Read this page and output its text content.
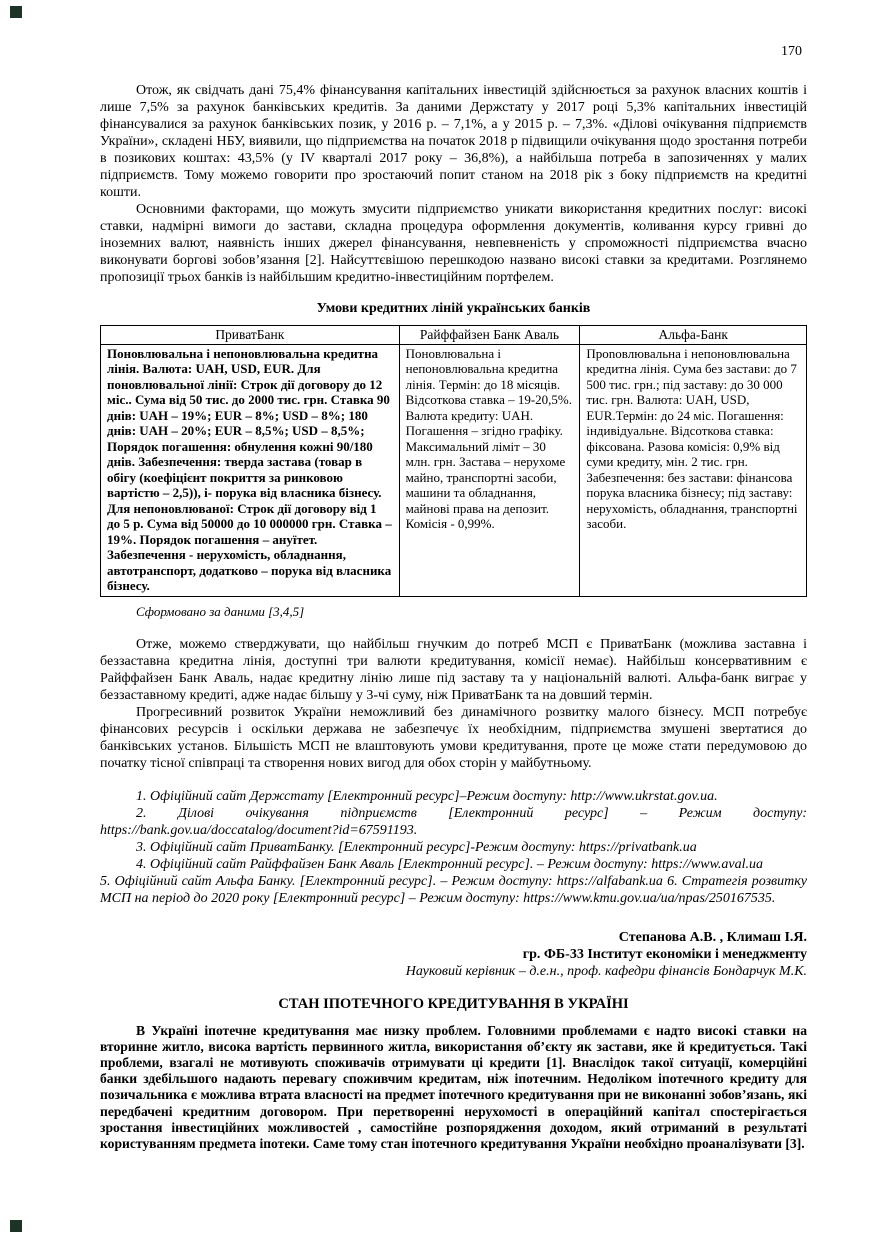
170

Отож, як свідчать дані 75,4% фінансування капітальних інвестицій здійснюється за рахунок власних коштів і лише 7,5% за рахунок банківських кредитів. За даними Держстату у 2017 році 5,3% капітальних інвестицій фінансувалися за рахунок банківських позик, у 2016 р. – 7,1%, а у 2015 р. – 7,3%. «Ділові очікування підприємств України», складені НБУ, виявили, що підприємства на початок 2018 р підвищили очікування щодо зростання потреби в позикових коштах: 43,5% (у IV кварталі 2017 року – 36,8%), а найбільша потреба в запозиченнях у малих підприємств. Тому можемо говорити про зростаючий попит станом на 2018 рік з боку підприємств на кредитні кошти.

Основними факторами, що можуть змусити підприємство уникати використання кредитних послуг: високі ставки, надмірні вимоги до застави, складна процедура оформлення документів, коливання курсу гривні до іноземних валют, наявність інших джерел фінансування, невпевненість у спроможності підприємства вчасно виконувати боргові зобов’язання [2]. Найсуттєвішою перешкодою названо високі ставки за кредитами. Розглянемо пропозиції трьох банків із найбільшим кредитно-інвестиційним портфелем.

Умови кредитних ліній українських банків

ПриватБанк	Райффайзен Банк Аваль	Альфа-Банк
Поновлювальна і непоновлювальна кредитна лінія. Валюта: UAH, USD, EUR. Для поновлювальної лінії: Строк дії договору до 12 міс.. Сума від 50 тис. до 2000 тис. грн. Ставка 90 днів: UAH – 19%; EUR – 8%; USD – 8%; 180 днів: UAH – 20%; EUR – 8,5%; USD – 8,5%; Порядок погашення: обнулення кожні 90/180 днів. Забезпечення: тверда застава (товар в обігу (коефіцієнт покриття за ринковою вартістю – 2,5)), і- порука від власника бізнесу. Для непоновлюваної: Строк дії договору від 1 до 5 р. Сума від 50000 до 10 000000 грн. Ставка – 19%. Порядок погашення – ануїтет. Забезпечення - нерухомість, обладнання, автотранспорт, додатково – порука від власника бізнесу.	Поновлювальна і непоновлювальна кредитна лінія. Термін: до 18 місяців. Відсоткова ставка – 19-20,5%. Валюта кредиту: UAH. Погашення – згідно графіку. Максимальний ліміт – 30 млн. грн. Застава – нерухоме майно, транспортні засоби, машини та обладнання, майнові права на депозит. Комісія - 0,99%.	Пponовлювальна і непоновлювальна кредитна лінія. Сума без застави: до 7 500 тис. грн.; під заставу: до 30 000 тис. грн. Валюта: UAH, USD, EUR.Термін: до 24 міс. Погашення: індивідуальне. Відсоткова ставка: фіксована. Разова комісія: 0,9% від суми кредиту, мін. 2 тис. грн. Забезпечення: без застави: фінансова порука власника бізнесу; під заставу: нерухомість, обладнання, транспортні засоби.

Сформовано за даними [3,4,5]

Отже, можемо стверджувати, що найбільш гнучким до потреб МСП є ПриватБанк (можлива заставна і беззаставна кредитна лінія, доступні три валюти кредитування, комісії немає). Найбільш консервативним є Райффайзен Банк Аваль, надає кредитну лінію лише під заставу та у національній валюті. Альфа-банк виграє у беззаставному кредиті, адже надає більшу у 3-чі суму, ніж ПриватБанк та на довший термін.

Прогресивний розвиток України неможливий без динамічного розвитку малого бізнесу. МСП потребує фінансових ресурсів і оскільки держава не забезпечує їх необхідним, підприємства змушені звертатися до банківських установ. Більшість МСП не влаштовують умови кредитування, проте це може стати передумовою до початку тісної співпраці та створення нових вигод для обох сторін у майбутньому.

1. Офіційний сайт Держстату [Електронний ресурс]–Режим доступу: http://www.ukrstat.gov.ua.

2. Ділові очікування підприємств [Електронний ресурс] – Режим доступу: https://bank.gov.ua/doccatalog/document?id=67591193.

3. Офіційний сайт ПриватБанку. [Електронний ресурс]-Режим доступу: https://privatbank.ua

4. Офіційний сайт Райффайзен Банк Аваль [Електронний ресурс]. – Режим доступу: https://www.aval.ua

5. Офіційний сайт Альфа Банку. [Електронний ресурс]. – Режим доступу: https://alfabank.ua 6. Стратегія розвитку МСП на період до 2020 року [Електронний ресурс] – Режим доступу: https://www.kmu.gov.ua/ua/npas/250167535.

Степанова А.В. , Климаш І.Я.

гр. ФБ-33 Інститут економіки і менеджменту

Науковий керівник – д.е.н., проф. кафедри фінансів Бондарчук М.К.

СТАН ІПОТЕЧНОГО КРЕДИТУВАННЯ В УКРАЇНІ

В Україні іпотечне кредитування має низку проблем. Головними проблемами є надто високі ставки на вторинне житло, висока вартість первинного житла, використання об’єкту як застави, яке й кредитується. Такі проблеми, взагалі не мотивують споживачів отримувати ці кредити [1]. Внаслідок такої ситуації, комерційні банки здебільшого надають перевагу споживчим кредитам, ніж іпотечним. Недоліком іпотечного кредиту для позичальника є можлива втрата власності на предмет іпотечного кредитування при не виконанні зобов’язань, які передбачені кредитним договором. При перетворенні нерухомості в операційний капітал спостерігається зростання інвестиційних можливостей , самостійне розпорядження доходом, який отриманий в результаті користуванням предмета іпотеки. Саме тому стан іпотечного кредитування України необхідно проаналізувати [3].
